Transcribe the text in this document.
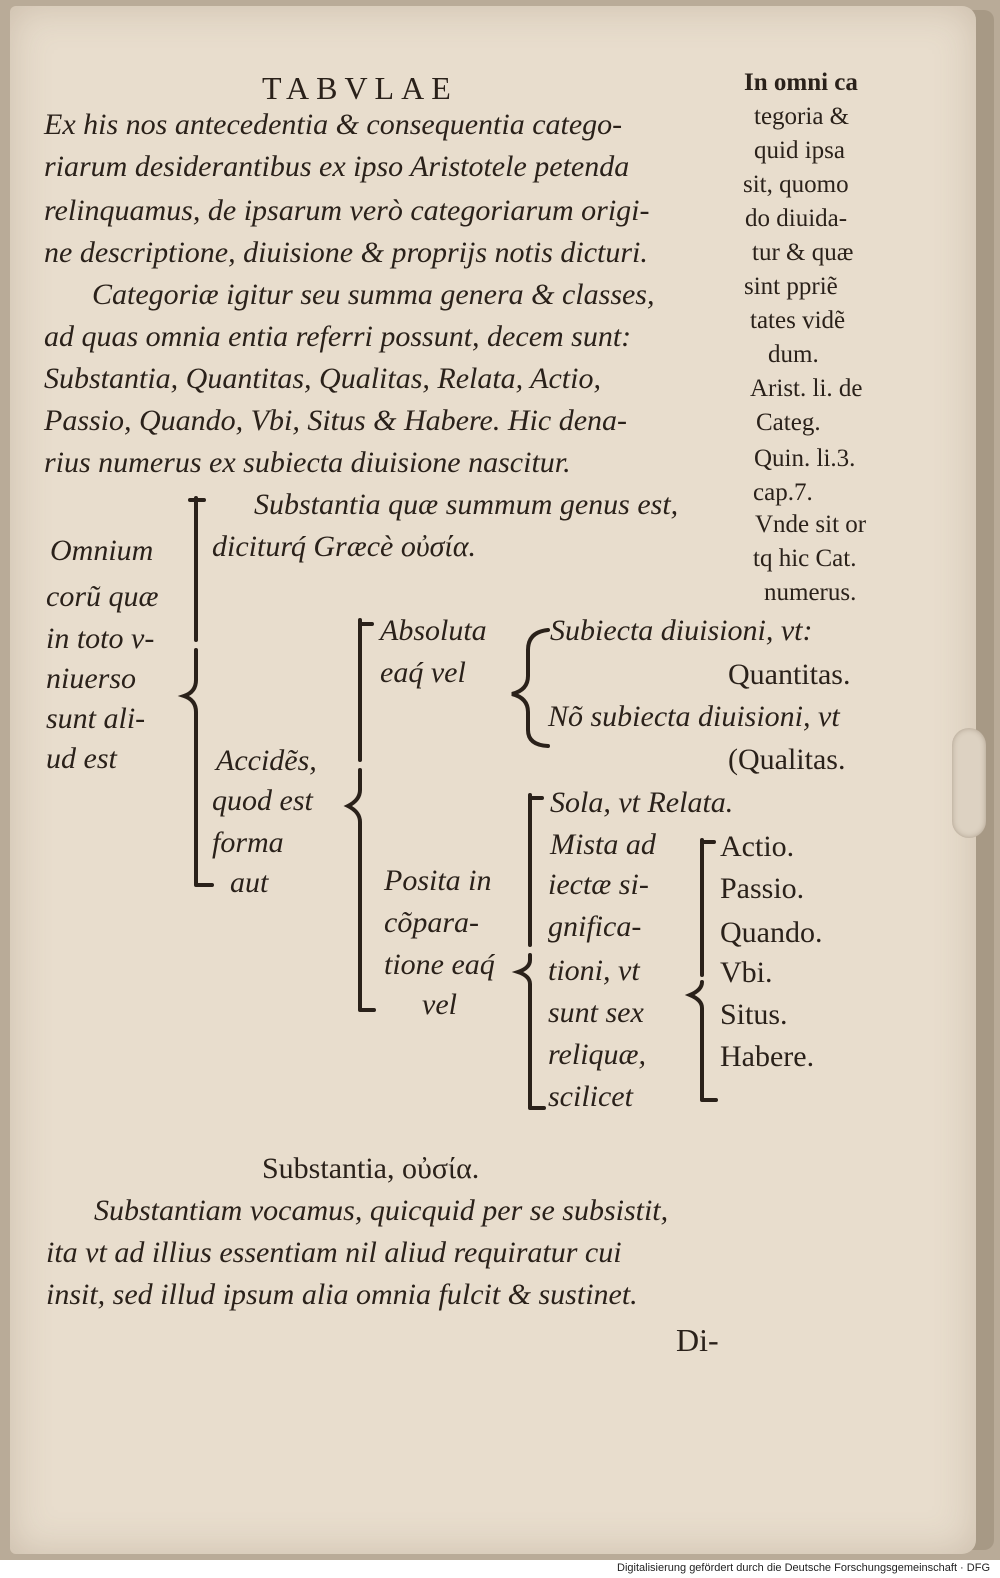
TABVLAE	In omni ca
tegoria &
quid ipsa
sit, quomo
do diuida-
tur & quæ
sint ppriẽ
tates vidẽ
dum.
Arist. li. de
Categ.
Quin. li.3.
cap.7.
Vnde sit or
tq hic Cat.
numerus.
Ex his nos antecedentia & consequentia catego-
riarum desiderantibus ex ipso Aristotele petenda
relinquamus, de ipsarum verò categoriarum origi-
ne descriptione, diuisione & proprijs notis dicturi.
Categoriæ igitur seu summa genera & classes,
ad quas omnia entia referri possunt, decem sunt:
Substantia, Quantitas, Qualitas, Relata, Actio,
Passio, Quando, Vbi, Situs & Habere. Hic dena-
rius numerus ex subiecta diuisione nascitur.
Omnium
corũ quæ
in toto v-
niuerso
sunt ali-
ud est
Substantia quæ summum genus est,
diciturq́ Græcè οὐσία.
Accidẽs,
quod est
forma
aut
Absoluta
eaq́ vel
Subiecta diuisioni, vt:
Quantitas.
Nõ subiecta diuisioni, vt
(Qualitas.
Posita in
cõpara-
tione eaq́
vel
Sola, vt Relata.
Mista ad
iectæ si-
gnifica-
tioni, vt
sunt sex
reliquæ,
scilicet
Actio.
Passio.
Quando.
Vbi.
Situs.
Habere.
Substantia, οὐσία.
Substantiam vocamus, quicquid per se subsistit,
ita vt ad illius essentiam nil aliud requiratur cui
insit, sed illud ipsum alia omnia fulcit & sustinet.
Di-
Digitalisierung gefördert durch die Deutsche Forschungsgemeinschaft · DFG
